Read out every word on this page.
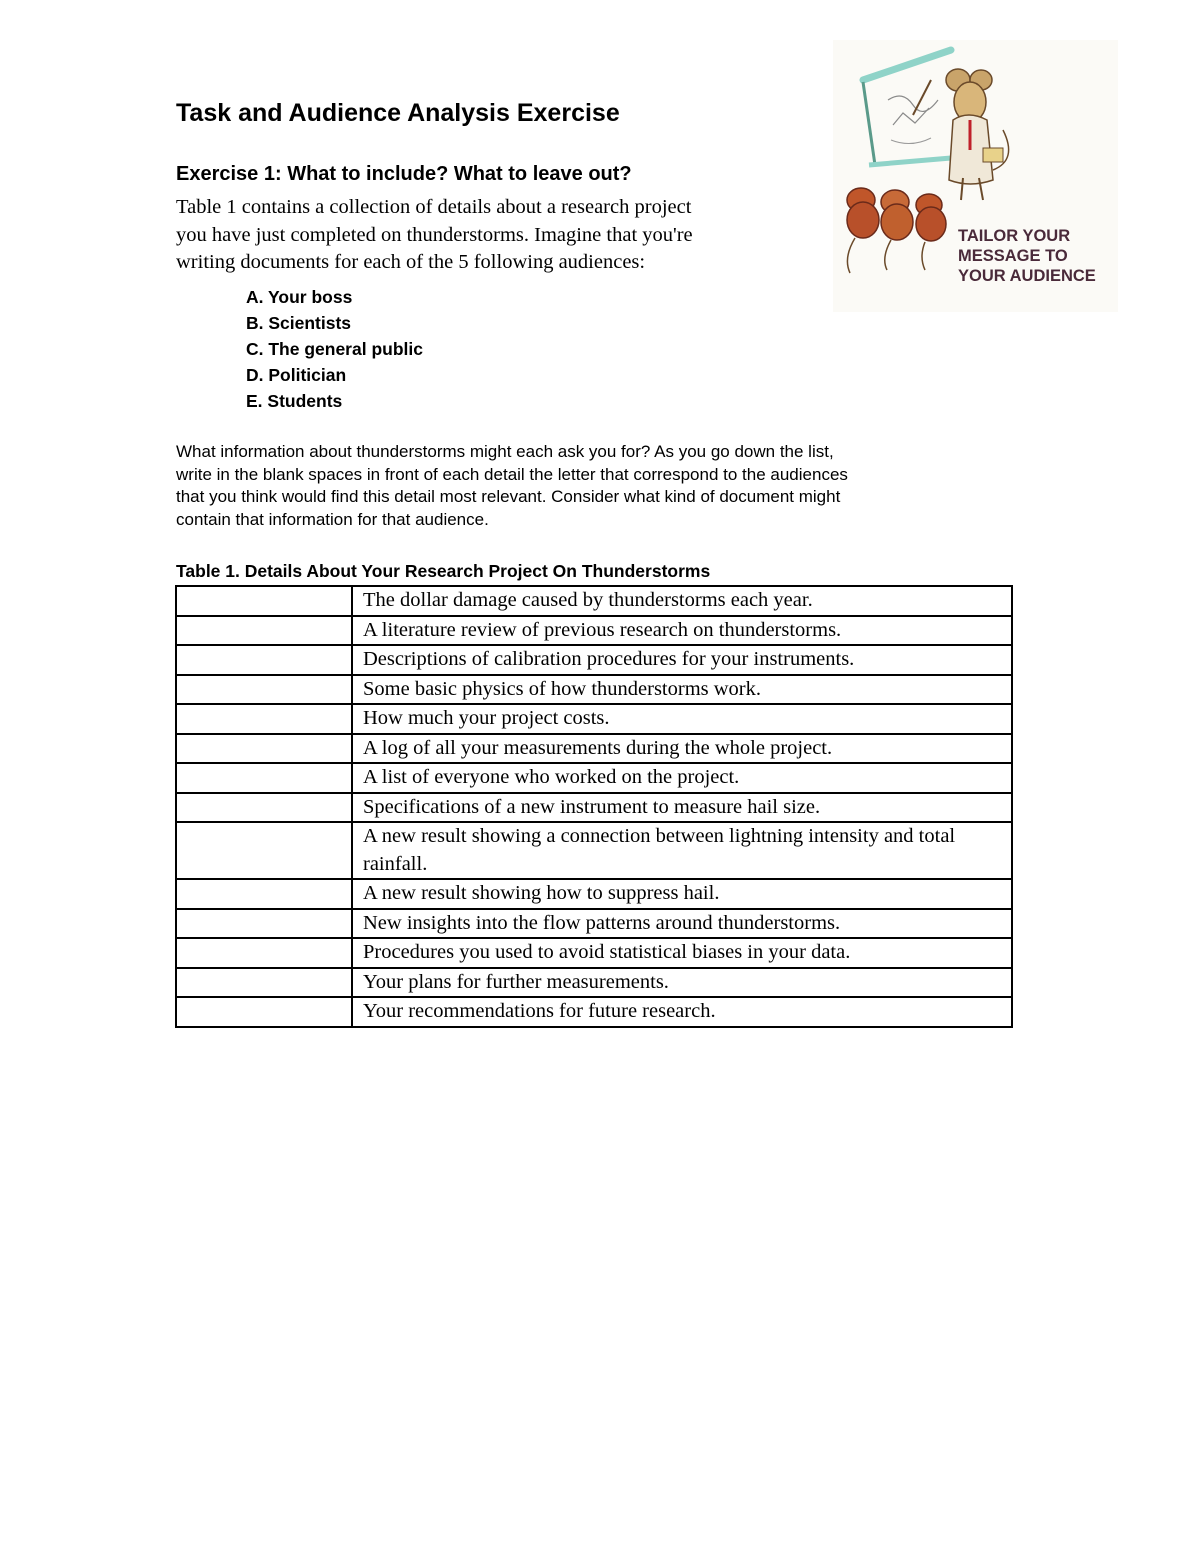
Task and Audience Analysis Exercise
Exercise 1: What to include? What to leave out?

Table 1 contains a collection of details about a research project
you have just completed on thunderstorms. Imagine that you're
writing documents for each of the 5 following audiences:

A. Your boss
B. Scientists
C. The general public
D. Politician
E. Students

What information about thunderstorms might each ask you for? As you go down the list,
write in the blank spaces in front of each detail the letter that correspond to the audiences
that you think would find this detail most relevant. Consider what kind of document might
contain that information for that audience.

Table 1. Details About Your Research Project On Thunderstorms

	The dollar damage caused by thunderstorms each year.
	A literature review of previous research on thunderstorms.
	Descriptions of calibration procedures for your instruments.
	Some basic physics of how thunderstorms work.
	How much your project costs.
	A log of all your measurements during the whole project.
	A list of everyone who worked on the project.
	Specifications of a new instrument to measure hail size.
	A new result showing a connection between lightning intensity and total rainfall.
	A new result showing how to suppress hail.
	New insights into the flow patterns around thunderstorms.
	Procedures you used to avoid statistical biases in your data.
	Your plans for further measurements.
	Your recommendations for future research.

TAILOR YOUR
MESSAGE TO
YOUR AUDIENCE
